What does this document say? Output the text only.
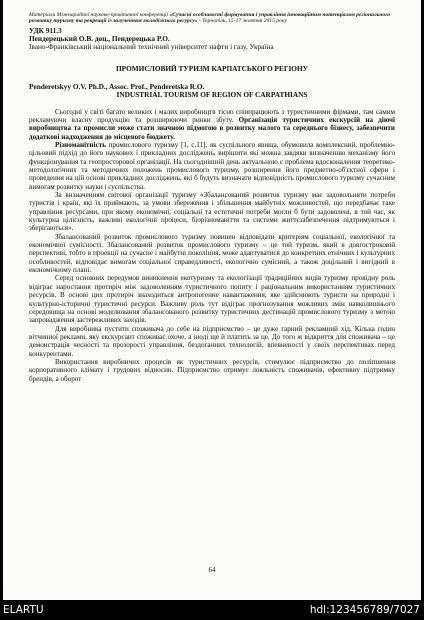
Матеріали Міжнародної науково-практичної конференції «Сучасні особливості формування і управління інноваційним потенціалом регіонального розвитку туризму та рекреації із залученням молодіжного ресурсу» - Тернопіль, 15-17 жовтня 2015 року
УДК 911.3
Пендерецький О.В. доц., Пендерецька Р.О.
Івано-Франківський національний технічний університет нафти і газу, Україна
ПРОМИСЛОВИЙ ТУРИЗМ КАРПАТСЬКОГО РЕГІОНУ
Penderetskyy O.V. Ph.D., Assoc. Prof., Penderetska R.O.
INDUSTRIAL TOURISM OF REGION OF CARPATHIANS

Сьогодні у світі багато великих і малих виробництв тісно співпрацюють з туристичними фірмами, там самим рекламуючи власну продукцію та розширюючи ринки збуту. Організація туристичних екскурсій на діючі виробництва та промисли може стати значною підмогою в розвитку малого та середнього бізнесу, забезпечити додаткові надходження до місцевого бюджету.

Різноманітність промислового туризму [1, с.11], як суспільного явища, обумовила комплексний, проблемно-цільовий підхід до його наукових і прикладних досліджень, вирішити які можна завдяки визначенню механізму його функціонування та геопросторової організації. На сьогоднішній день актуальною є проблема вдосконалення теоретико-методологічних та методичних положень промислового туризму, розширення його предметно-об'єктної сфери і проведення на цій основі прикладних досліджень, які б будуть визначати відповідність промислового туризму сучасним вимогам розвитку науки і суспільства.

За визначенням світової організації туризму «Збалансований розвиток туризму має задовольняти потреби туристів і країн, які їх приймають, за умови збереження і збільшення майбутніх можливостей, що передбачає таке управління ресурсами, при якому економічні, соціальні та естетичні потреби могли б бути задоволені, в той час, як культурна цілісність, важливі екологічні процеси, біорізноманіття та системи життєзабезпечення підтримуються і зберігаються».

Збалансований розвиток промислового туризму повинен відповідати критеріям соціальної, екологічної та економічної сумісності. Збалансований розвиток промислового туризму – це той туризм, який в довгостроковій перспективі, тобто в проекції на сучасне і майбутні покоління, може адаптуватися до конкретних етнічних і культурних особливостей, відповідає вимогам соціальної справедливості, екологічно сумісний, а також доцільний і вигідний в економічному плані.

Серед основних передумов виникнення екотуризму та екологізації традиційних видів туризму провідну роль відіграє наростання протиріч між задоволенням туристичного попиту і раціональним використанням туристичних ресурсів. В основі цих протиріч знаходиться антропогенне навантаження, яке здійснюють туристи на природні і культурно-історичні туристичні ресурси. Важливу роль тут відіграє прогнозування можливих змін навколишнього середовища на основі моделювання збалансованого розвитку туристичних дестинацій промислового туризму з метою запровадження застережливих заходів.

Для виробника пустити споживача до себе на підприємство – це дуже гарний рекламний хід. Кілька годин вітчинної реклами, яку екскурсант споживає охоче, а іноді ще й платить за це. До того ж відкриття для споживача – це демонстрація чесності та прозорості управління, бездоганних технологій, впевненості у своїх перспективах перед конкурентами.

Використання виробничих процесів як туристичних ресурсів, стимулює підприємство до поліпшення корпоративного клімату і трудових відносин. Підприємство отримує лояльність споживачів, ефективну підтримку брендів, а оборот

64
ELARTU	hdl:123456789/7027
